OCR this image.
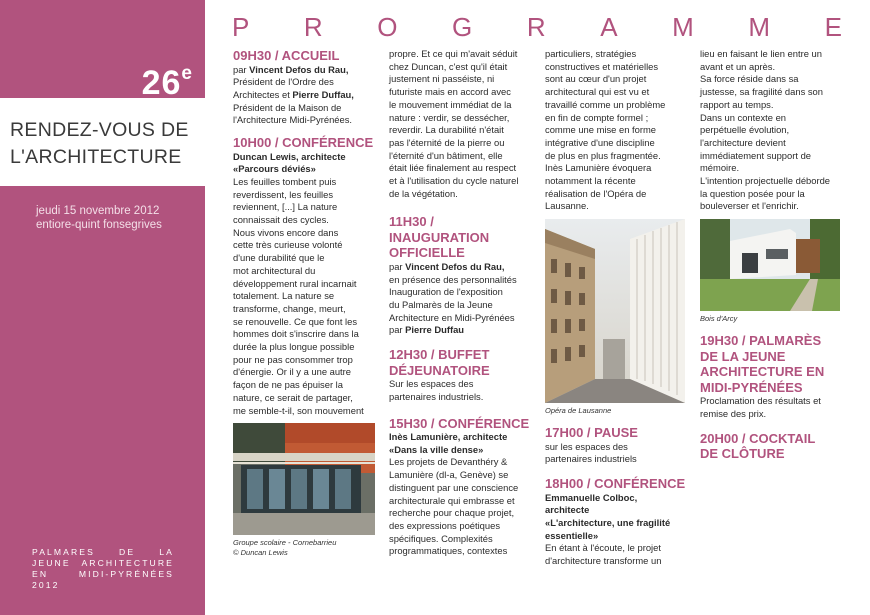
26e
RENDEZ-VOUS DE
L'ARCHITECTURE
jeudi 15 novembre 2012
entiore-quint fonsegrives
PALMARES DE LA JEUNE ARCHITECTURE EN MIDI-PYRÉNÉES 2012
P R O G R A M M E

09H30 / ACCUEIL

par Vincent Defos du Rau,

Président de l'Ordre des

Architectes et Pierre Duffau,

Président de la Maison de

l'Architecture Midi-Pyrénées.

10H00 / CONFÉRENCE

Duncan Lewis, architecte

«Parcours déviés»

Les feuilles tombent puis

reverdissent, les feuilles

reviennent, [...] La nature

connaissait des cycles.

Nous vivons encore dans

cette très curieuse volonté

d'une durabilité que le

mot architectural du

développement rural incarnait

totalement. La nature se

transforme, change, meurt,

se renouvelle. Ce que font les

hommes doit s'inscrire dans la

durée la plus longue possible

pour ne pas consommer trop

d'énergie. Or il y a une autre

façon de ne pas épuiser la

nature, ce serait de partager,

me semble-t-il, son mouvement

Groupe scolaire - Cornebarrieu
© Duncan Lewis

propre. Et ce qui m'avait séduit

chez Duncan, c'est qu'il était

justement ni passéiste, ni

futuriste mais en accord avec

le mouvement immédiat de la

nature : verdir, se dessécher,

reverdir. La durabilité n'était

pas l'éternité de la pierre ou

l'éternité d'un bâtiment, elle

était liée finalement au respect

et à l'utilisation du cycle naturel

de la végétation.

11H30 /

INAUGURATION

OFFICIELLE

par Vincent Defos du Rau,

en présence des personnalités

Inauguration de l'exposition

du Palmarès de la Jeune

Architecture en Midi-Pyrénées

par Pierre Duffau

12H30 / BUFFET

DÉJEUNATOIRE

Sur les espaces des

partenaires industriels.

15H30 / CONFÉRENCE

Inès Lamunière, architecte

«Dans la ville dense»

Les projets de Devanthéry &

Lamunière (dl-a, Genève) se

distinguent par une conscience

architecturale qui embrasse et

recherche pour chaque projet,

des expressions poétiques

spécifiques. Complexités

programmatiques, contextes

particuliers, stratégies

constructives et matérielles

sont au cœur d'un projet

architectural qui est vu et

travaillé comme un problème

en fin de compte formel ;

comme une mise en forme

intégrative d'une discipline

de plus en plus fragmentée.

Inès Lamunière évoquera

notamment la récente

réalisation de l'Opéra de

Lausanne.

Opéra de Lausanne

17H00 / PAUSE

sur les espaces des

partenaires industriels

18H00 / CONFÉRENCE

Emmanuelle Colboc,

architecte

«L'architecture, une fragilité

essentielle»

En étant à l'écoute, le projet

d'architecture transforme un

lieu en faisant le lien entre un

avant et un après.

Sa force réside dans sa

justesse, sa fragilité dans son

rapport au temps.

Dans un contexte en

perpétuelle évolution,

l'architecture devient

immédiatement support de

mémoire.

L'intention projectuelle déborde

la question posée pour la

bouleverser et l'enrichir.

Bois d'Arcy

19H30 / PALMARÈS

DE LA JEUNE

ARCHITECTURE EN

MIDI-PYRÉNÉES

Proclamation des résultats et

remise des prix.

20H00 / COCKTAIL

DE CLÔTURE
